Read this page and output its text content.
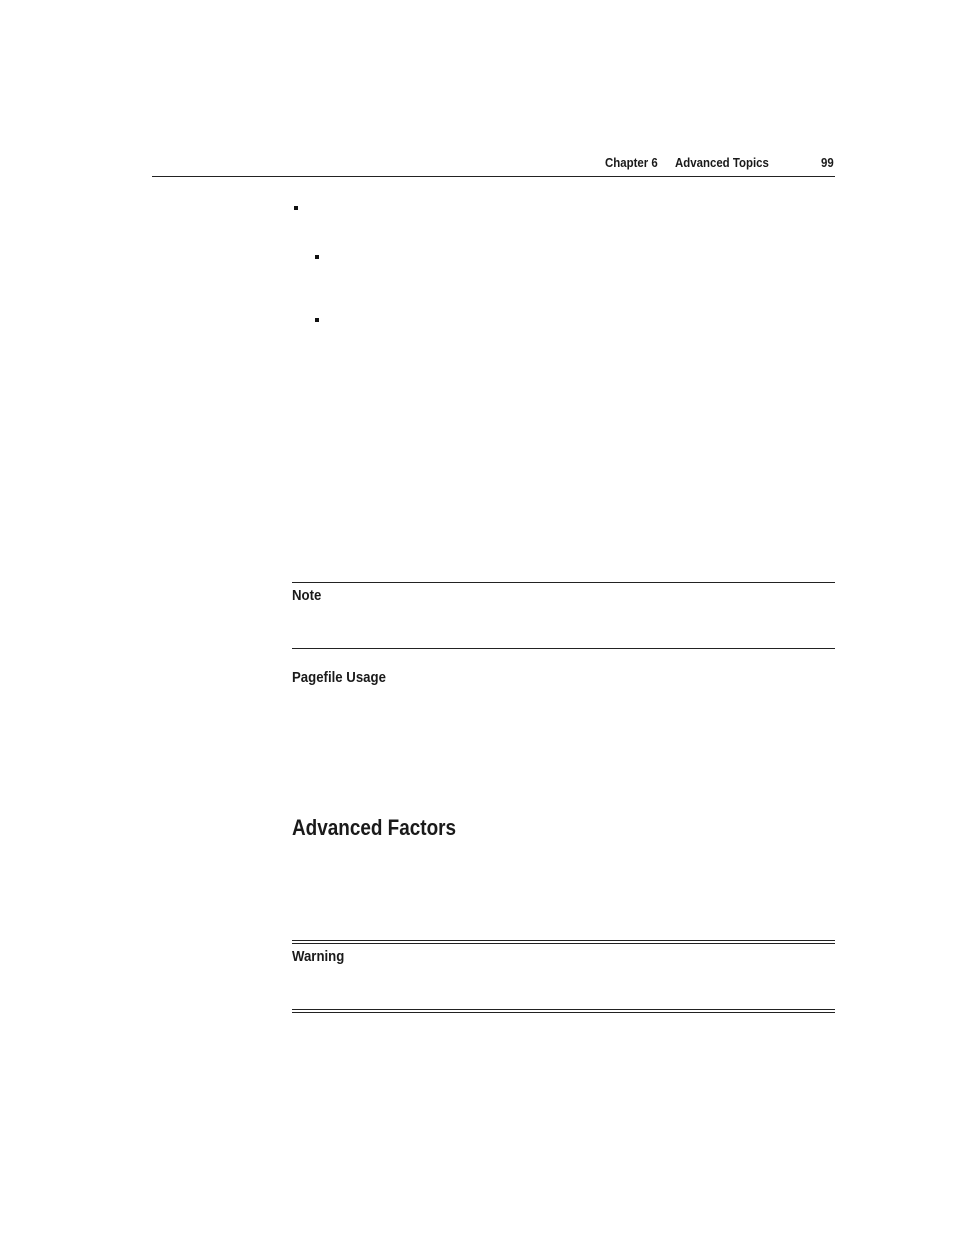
Chapter 6 Advanced Topics	99
Note
Pagefile Usage
Advanced Factors
Warning
